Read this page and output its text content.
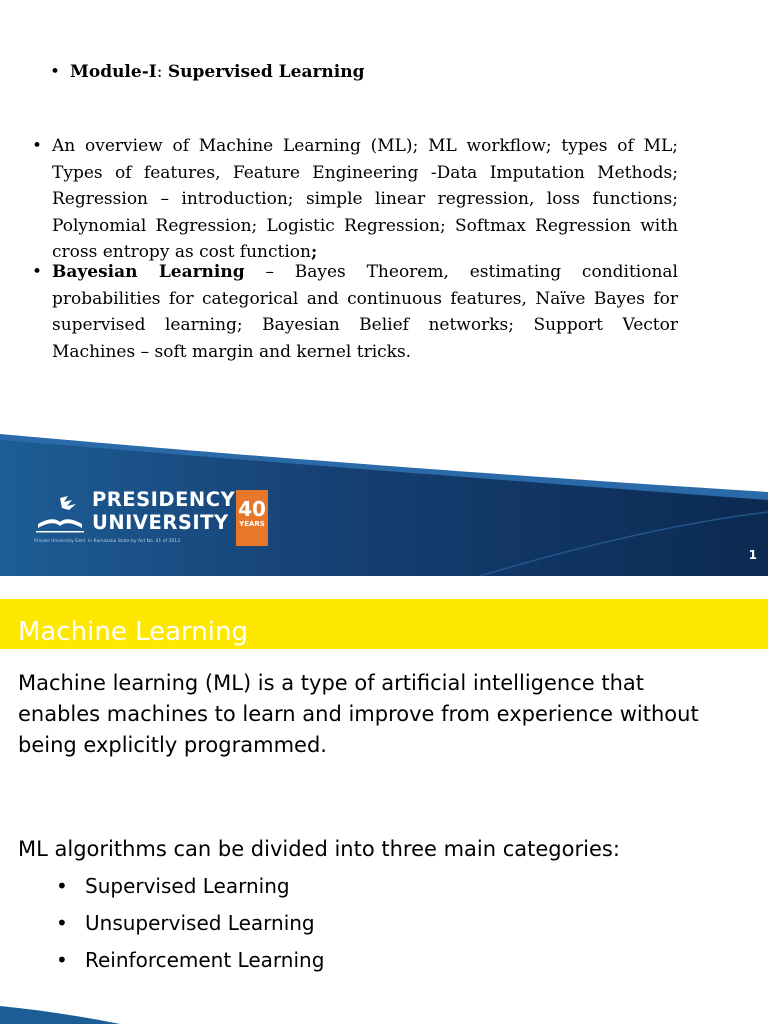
• Module-I :
Supervised Learning
• An overview of Machine Learning (ML); ML workflow; types of ML; Types of features, Feature Engineering -Data Imputation Methods; Regression – introduction; simple linear regression, loss functions; Polynomial Regression; Logistic Regression; Softmax Regression with cross entropy as cost function;
• Bayesian Learning – Bayes Theorem, estimating conditional probabilities for categorical and continuous features, Naïve Bayes for supervised learning; Bayesian Belief networks; Support Vector Machines – soft margin and kernel tricks.
PRESIDENCY
UNIVERSITY
Private University Estd. in Karnataka State by Act No. 41 of 2013
40
YEARS
1
Machine Learning
Machine learning (ML) is a type of artificial intelligence that enables machines to learn and improve from experience without being explicitly programmed.
ML algorithms can be divided into three main categories:
• Supervised Learning
• Unsupervised Learning
• Reinforcement Learning
